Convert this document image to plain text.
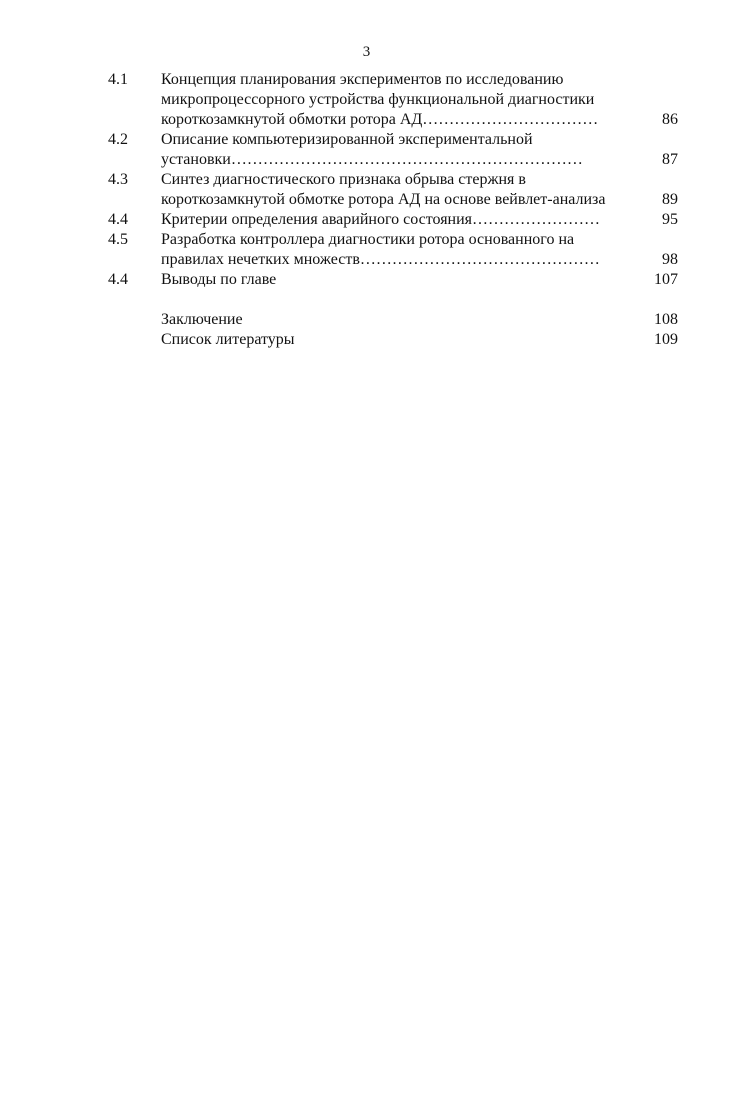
3
4.1	Концепция планирования экспериментов по исследованию
микропроцессорного устройства функциональной диагностики
короткозамкнутой обмотки ротора АД……………………………	86
4.2	Описание компьютеризированной экспериментальной
установки…………………………………………………………	87
4.3	Синтез диагностического признака обрыва стержня в
короткозамкнутой обмотке ротора АД на основе вейвлет-анализа	89
4.4	Критерии определения аварийного состояния……………………	95
4.5	Разработка контроллера диагностики ротора основанного на
правилах нечетких множеств………………………………………	98
4.4	Выводы по главе	107
Заключение	108
Список литературы	109
